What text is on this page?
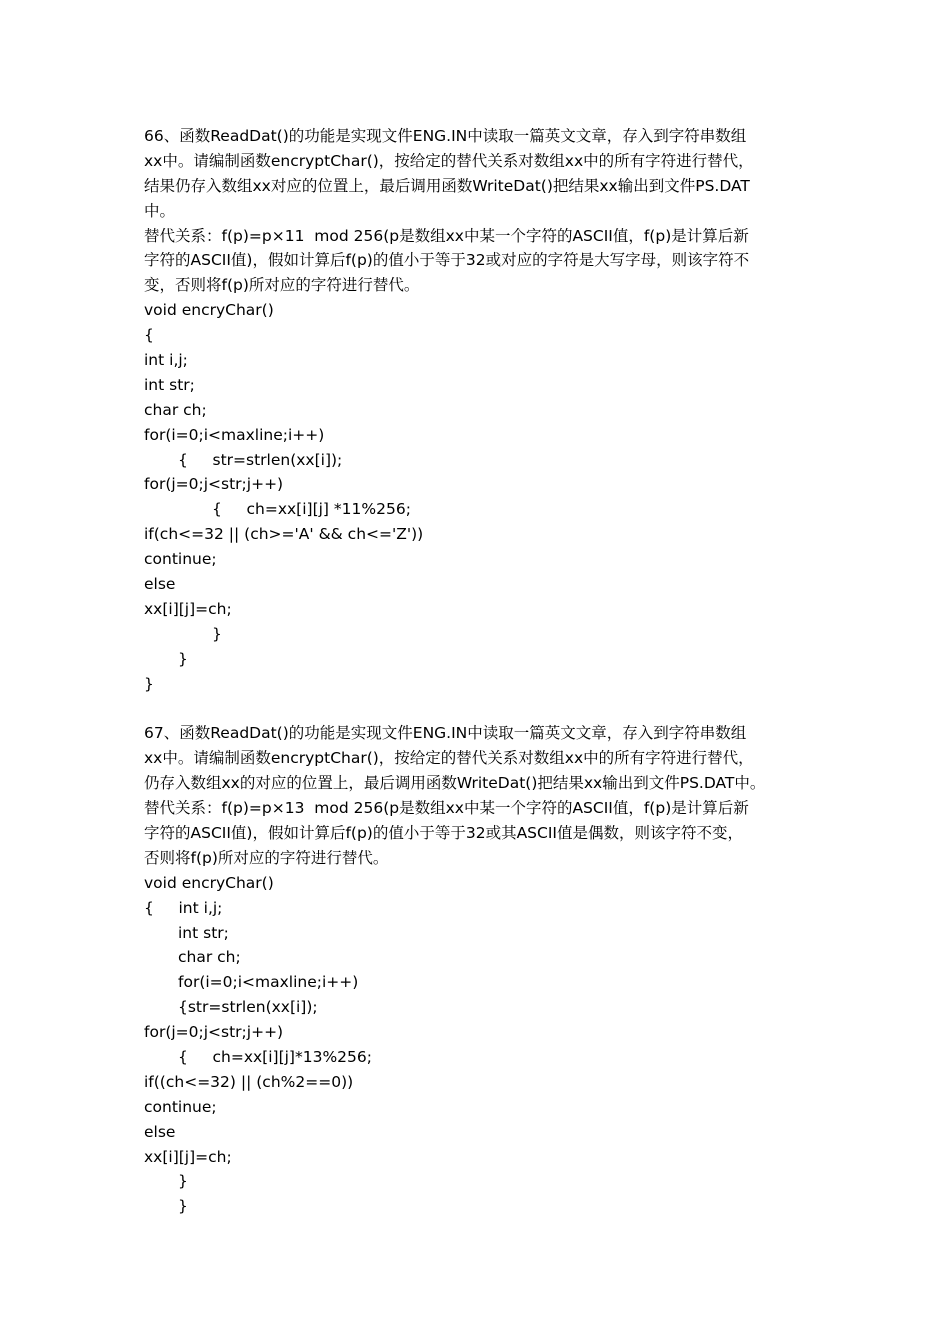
66、函数ReadDat()的功能是实现文件ENG.IN中读取一篇英文文章，存入到字符串数组
xx中。请编制函数encryptChar()，按给定的替代关系对数组xx中的所有字符进行替代，
结果仍存入数组xx对应的位置上，最后调用函数WriteDat()把结果xx输出到文件PS.DAT
中。
替代关系：f(p)=p×11  mod 256(p是数组xx中某一个字符的ASCII值，f(p)是计算后新
字符的ASCII值)，假如计算后f(p)的值小于等于32或对应的字符是大写字母，则该字符不
变，否则将f(p)所对应的字符进行替代。
void encryChar()
{
int i,j;
int str;
char ch;
for(i=0;i<maxline;i++)
{     str=strlen(xx[i]);
for(j=0;j<str;j++)
{     ch=xx[i][j] *11%256;
if(ch<=32 || (ch>='A' && ch<='Z'))
continue;
else
xx[i][j]=ch;
}
}
}
67、函数ReadDat()的功能是实现文件ENG.IN中读取一篇英文文章，存入到字符串数组
xx中。请编制函数encryptChar()，按给定的替代关系对数组xx中的所有字符进行替代，
仍存入数组xx的对应的位置上，最后调用函数WriteDat()把结果xx输出到文件PS.DAT中。
替代关系：f(p)=p×13  mod 256(p是数组xx中某一个字符的ASCII值，f(p)是计算后新
字符的ASCII值)，假如计算后f(p)的值小于等于32或其ASCII值是偶数，则该字符不变，
否则将f(p)所对应的字符进行替代。
void encryChar()
{     int i,j;
int str;
char ch;
for(i=0;i<maxline;i++)
{str=strlen(xx[i]);
for(j=0;j<str;j++)
{     ch=xx[i][j]*13%256;
if((ch<=32) || (ch%2==0))
continue;
else
xx[i][j]=ch;
}
}
